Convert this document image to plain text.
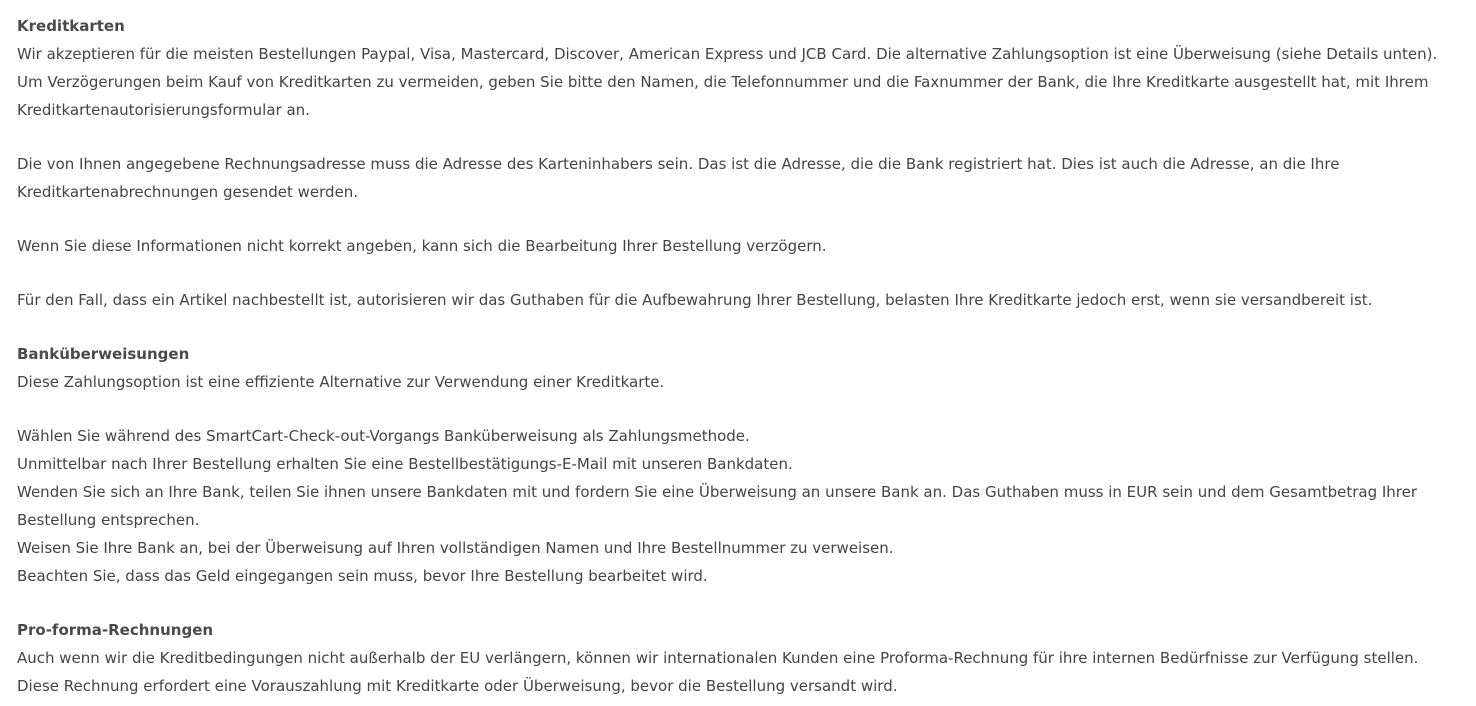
Kreditkarten
Wir akzeptieren für die meisten Bestellungen Paypal, Visa, Mastercard, Discover, American Express und JCB Card. Die alternative Zahlungsoption ist eine Überweisung (siehe Details unten).
Um Verzögerungen beim Kauf von Kreditkarten zu vermeiden, geben Sie bitte den Namen, die Telefonnummer und die Faxnummer der Bank, die Ihre Kreditkarte ausgestellt hat, mit Ihrem
Kreditkartenautorisierungsformular an.
Die von Ihnen angegebene Rechnungsadresse muss die Adresse des Karteninhabers sein. Das ist die Adresse, die die Bank registriert hat. Dies ist auch die Adresse, an die Ihre
Kreditkartenabrechnungen gesendet werden.
Wenn Sie diese Informationen nicht korrekt angeben, kann sich die Bearbeitung Ihrer Bestellung verzögern.
Für den Fall, dass ein Artikel nachbestellt ist, autorisieren wir das Guthaben für die Aufbewahrung Ihrer Bestellung, belasten Ihre Kreditkarte jedoch erst, wenn sie versandbereit ist.
Banküberweisungen
Diese Zahlungsoption ist eine effiziente Alternative zur Verwendung einer Kreditkarte.
Wählen Sie während des SmartCart-Check-out-Vorgangs Banküberweisung als Zahlungsmethode.
Unmittelbar nach Ihrer Bestellung erhalten Sie eine Bestellbestätigungs-E-Mail mit unseren Bankdaten.
Wenden Sie sich an Ihre Bank, teilen Sie ihnen unsere Bankdaten mit und fordern Sie eine Überweisung an unsere Bank an. Das Guthaben muss in EUR sein und dem Gesamtbetrag Ihrer
Bestellung entsprechen.
Weisen Sie Ihre Bank an, bei der Überweisung auf Ihren vollständigen Namen und Ihre Bestellnummer zu verweisen.
Beachten Sie, dass das Geld eingegangen sein muss, bevor Ihre Bestellung bearbeitet wird.
Pro-forma-Rechnungen
Auch wenn wir die Kreditbedingungen nicht außerhalb der EU verlängern, können wir internationalen Kunden eine Proforma-Rechnung für ihre internen Bedürfnisse zur Verfügung stellen.
Diese Rechnung erfordert eine Vorauszahlung mit Kreditkarte oder Überweisung, bevor die Bestellung versandt wird.
